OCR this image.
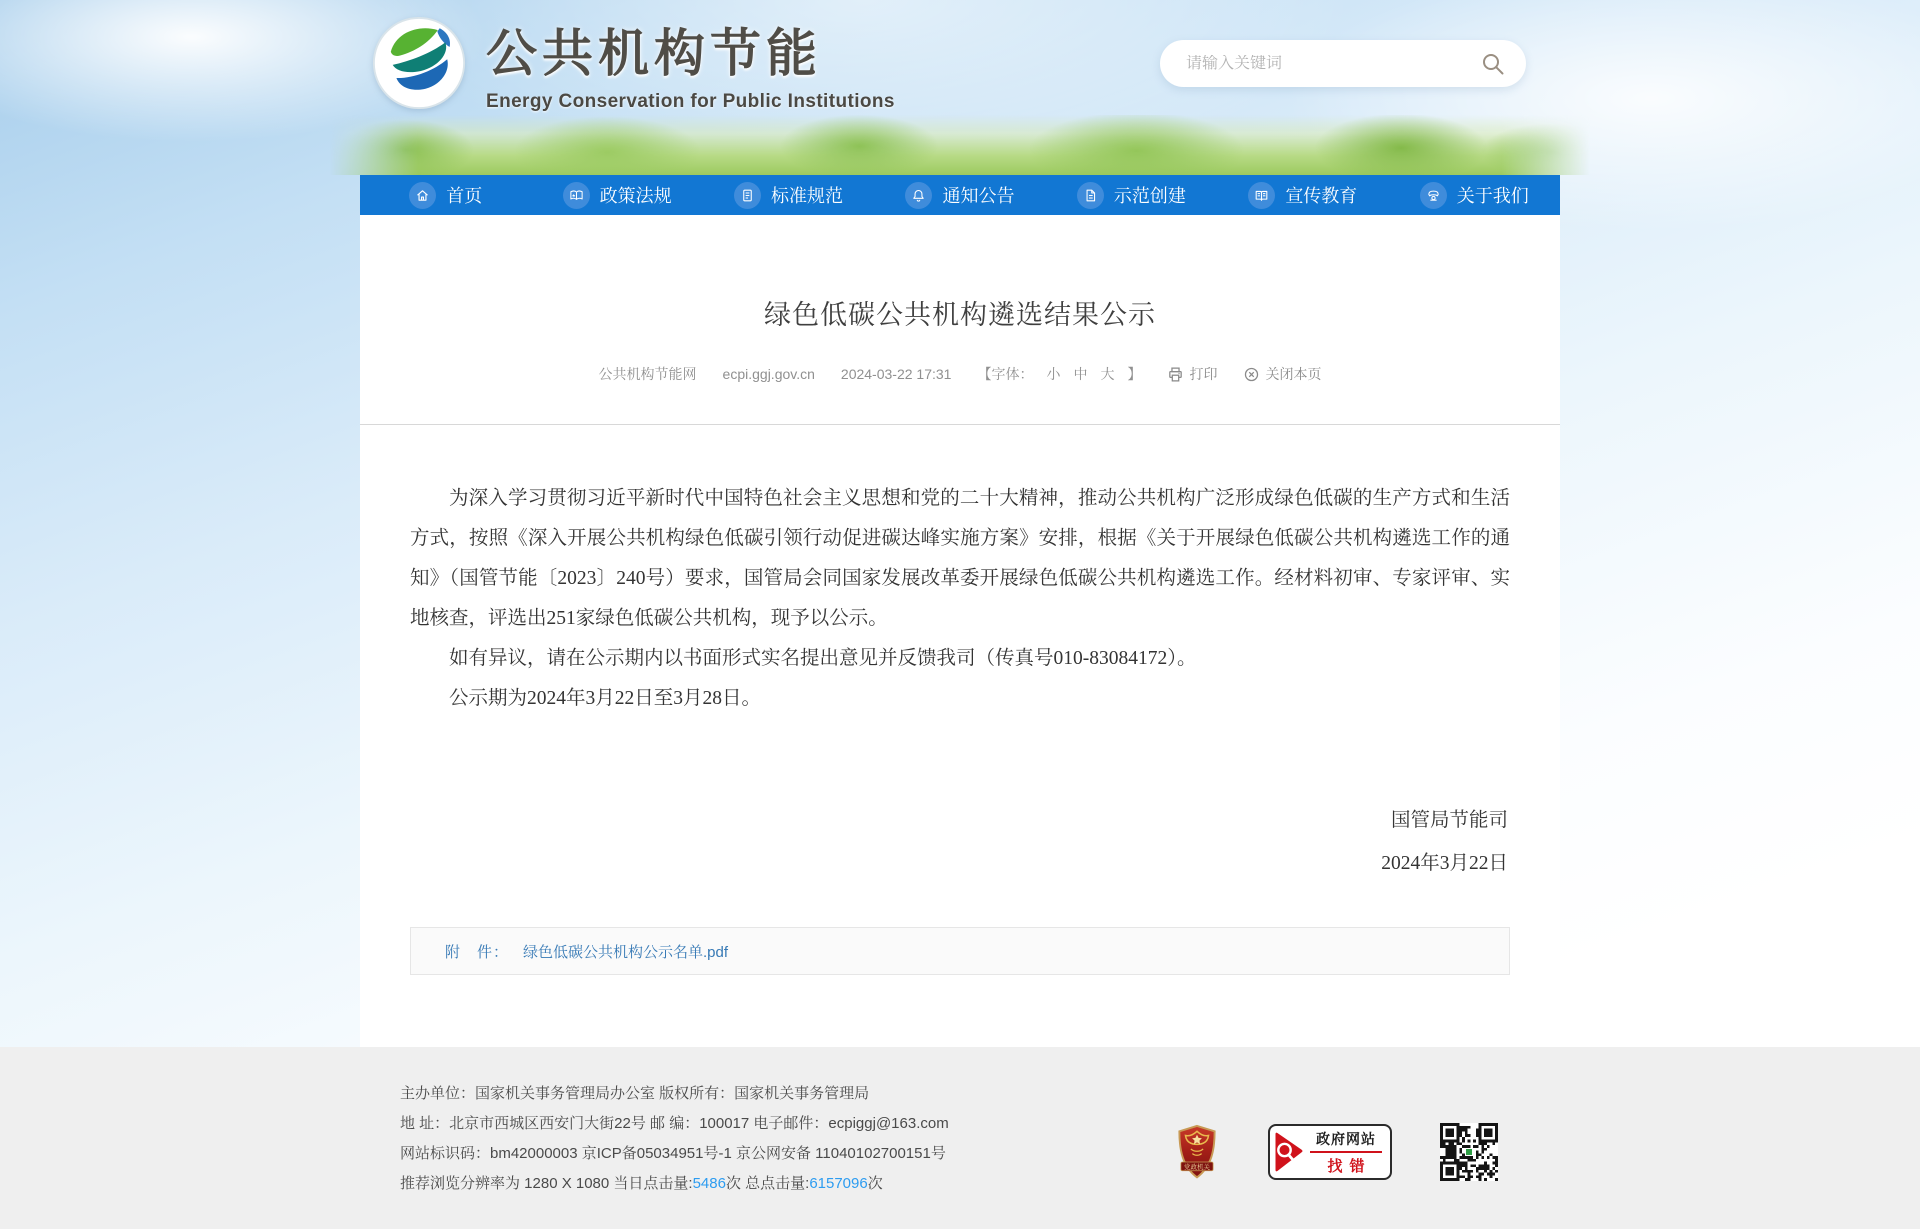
公共机构节能
Energy Conservation for Public Institutions
请输入关键词
首页	政策法规	标准规范	通知公告	示范创建	宣传教育	关于我们
绿色低碳公共机构遴选结果公示
公共机构节能网 ecpi.ggj.gov.cn 2024-03-22 17:31 【字体： 小 中 大 】	打印	关闭本页

为深入学习贯彻习近平新时代中国特色社会主义思想和党的二十大精神，推动公共机构广泛形成绿色低碳的生产方式和生活方式，按照《深入开展公共机构绿色低碳引领行动促进碳达峰实施方案》安排，根据《关于开展绿色低碳公共机构遴选工作的通知》（国管节能〔2023〕240号）要求，国管局会同国家发展改革委开展绿色低碳公共机构遴选工作。经材料初审、专家评审、实地核查，评选出251家绿色低碳公共机构，现予以公示。

如有异议，请在公示期内以书面形式实名提出意见并反馈我司（传真号010-83084172）。

公示期为2024年3月22日至3月28日。

国管局节能司
2024年3月22日
附　件： 绿色低碳公共机构公示名单.pdf
主办单位：国家机关事务管理局办公室 版权所有：国家机关事务管理局
地 址：北京市西城区西安门大街22号 邮 编：100017 电子邮件：ecpiggj@163.com
网站标识码：bm42000003 京ICP备05034951号-1 京公网安备 11040102700151号
推荐浏览分辨率为 1280 X 1080 当日点击量:5486次 总点击量:6157096次
党政机关
政府网站
找错
